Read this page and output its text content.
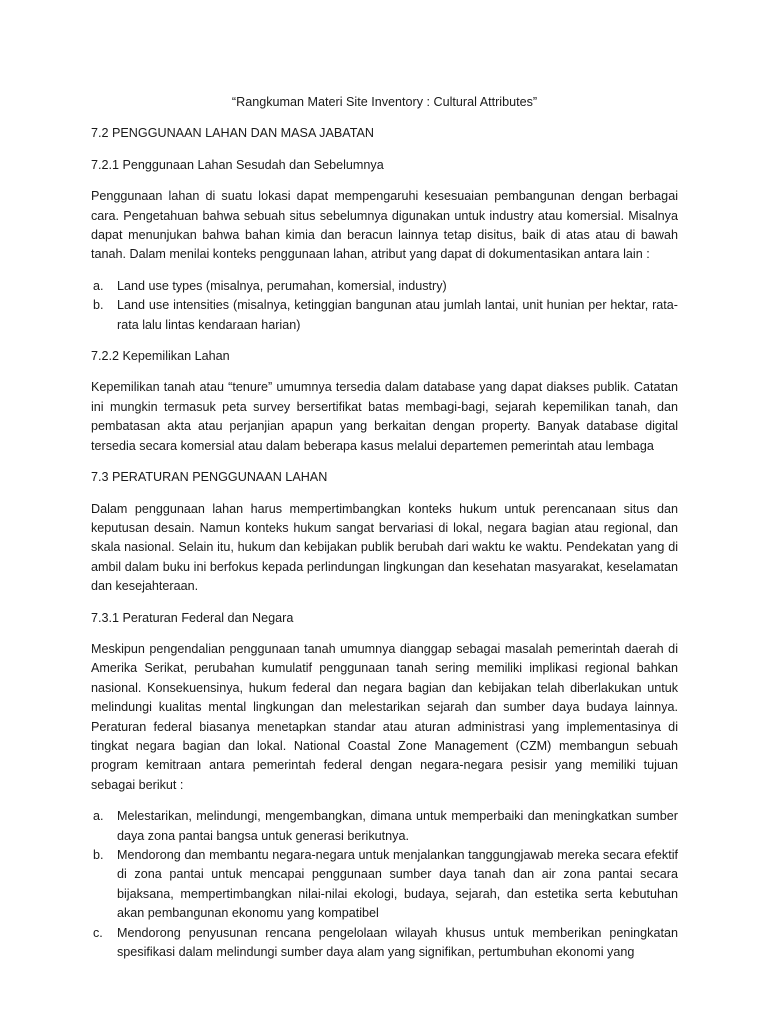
“Rangkuman Materi Site Inventory : Cultural Attributes”

7.2 PENGGUNAAN LAHAN DAN MASA JABATAN

7.2.1 Penggunaan Lahan Sesudah dan Sebelumnya

Penggunaan lahan di suatu lokasi dapat mempengaruhi kesesuaian pembangunan dengan berbagai cara. Pengetahuan bahwa sebuah situs sebelumnya digunakan untuk industry atau komersial. Misalnya dapat menunjukan bahwa bahan kimia dan beracun lainnya tetap disitus, baik di atas atau di bawah tanah. Dalam menilai konteks penggunaan lahan, atribut yang dapat di dokumentasikan antara lain :

a.	Land use types (misalnya, perumahan, komersial, industry)
b.	Land use intensities (misalnya, ketinggian bangunan atau jumlah lantai, unit hunian per hektar, rata-rata lalu lintas kendaraan harian)

7.2.2 Kepemilikan Lahan

Kepemilikan tanah atau “tenure” umumnya tersedia dalam database yang dapat diakses publik. Catatan ini mungkin termasuk peta survey bersertifikat batas membagi-bagi, sejarah kepemilikan tanah, dan pembatasan akta atau perjanjian apapun yang berkaitan dengan property. Banyak database digital tersedia secara komersial atau dalam beberapa kasus melalui departemen pemerintah atau lembaga

7.3 PERATURAN PENGGUNAAN LAHAN

Dalam penggunaan lahan harus mempertimbangkan konteks hukum untuk perencanaan situs dan keputusan desain. Namun konteks hukum sangat bervariasi di lokal, negara bagian atau regional, dan skala nasional. Selain itu, hukum dan kebijakan publik berubah dari waktu ke waktu. Pendekatan yang di ambil dalam buku ini berfokus kepada perlindungan lingkungan dan kesehatan masyarakat, keselamatan dan kesejahteraan.

7.3.1 Peraturan Federal dan Negara

Meskipun pengendalian penggunaan tanah umumnya dianggap sebagai masalah pemerintah daerah di Amerika Serikat, perubahan kumulatif penggunaan tanah sering memiliki implikasi regional bahkan nasional. Konsekuensinya, hukum federal dan negara bagian dan kebijakan telah diberlakukan untuk melindungi kualitas mental lingkungan dan melestarikan sejarah dan sumber daya budaya lainnya. Peraturan federal biasanya menetapkan standar atau aturan administrasi yang implementasinya di tingkat negara bagian dan lokal. National Coastal Zone Management (CZM) membangun sebuah program kemitraan antara pemerintah federal dengan negara-negara pesisir yang memiliki tujuan sebagai berikut :

a.	Melestarikan, melindungi, mengembangkan, dimana untuk memperbaiki dan meningkatkan sumber daya zona pantai bangsa untuk generasi berikutnya.
b.	Mendorong dan membantu negara-negara untuk menjalankan tanggungjawab mereka secara efektif di zona pantai untuk mencapai penggunaan sumber daya tanah dan air zona pantai secara bijaksana, mempertimbangkan nilai-nilai ekologi, budaya, sejarah, dan estetika serta kebutuhan akan pembangunan ekonomu yang kompatibel
c.	Mendorong penyusunan rencana pengelolaan wilayah khusus untuk memberikan peningkatan spesifikasi dalam melindungi sumber daya alam yang signifikan, pertumbuhan ekonomi yang
